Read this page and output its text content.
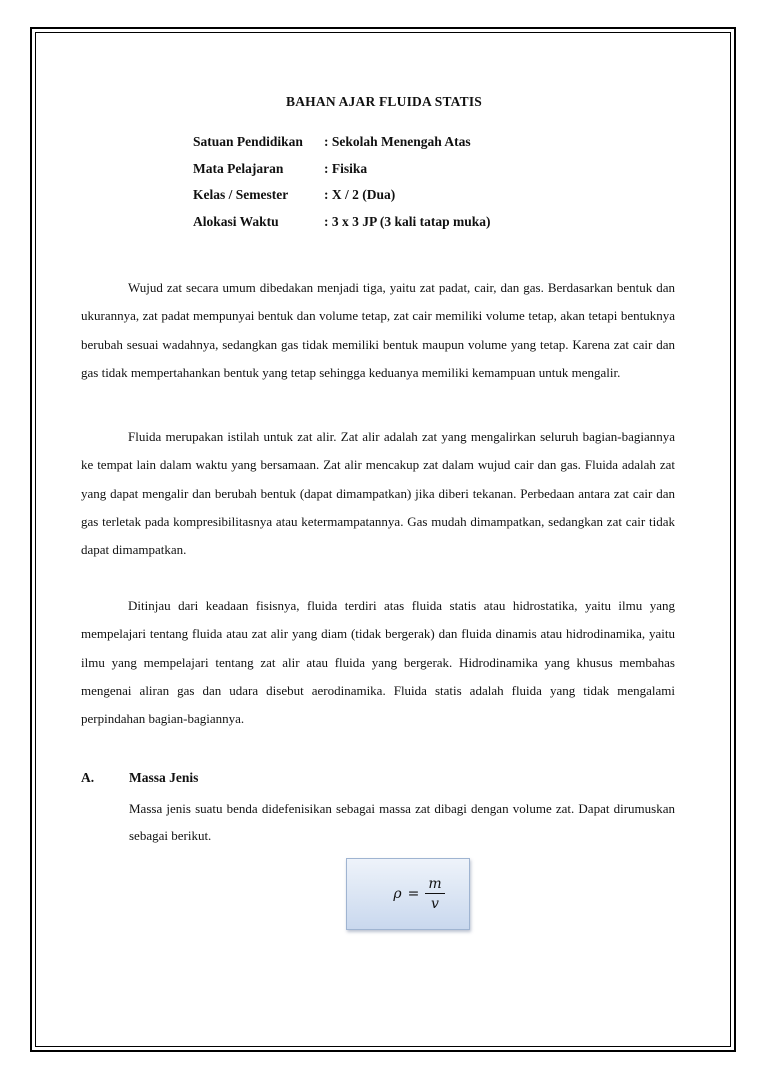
BAHAN AJAR FLUIDA STATIS
Satuan Pendidikan	: Sekolah Menengah Atas
Mata Pelajaran	: Fisika
Kelas / Semester	: X / 2 (Dua)
Alokasi Waktu	: 3 x 3 JP (3 kali tatap muka)

Wujud zat secara umum dibedakan menjadi tiga, yaitu zat padat, cair, dan gas. Berdasarkan bentuk dan ukurannya, zat padat mempunyai bentuk dan volume tetap, zat cair memiliki volume tetap, akan tetapi bentuknya berubah sesuai wadahnya, sedangkan gas tidak memiliki bentuk maupun volume yang tetap. Karena zat cair dan gas tidak mempertahankan bentuk yang tetap sehingga keduanya memiliki kemampuan untuk mengalir.

Fluida merupakan istilah untuk zat alir. Zat alir adalah zat yang mengalirkan seluruh bagian-bagiannya ke tempat lain dalam waktu yang bersamaan. Zat alir mencakup zat dalam wujud cair dan gas. Fluida adalah zat yang dapat mengalir dan berubah bentuk (dapat dimampatkan) jika diberi tekanan. Perbedaan antara zat cair dan gas terletak pada kompresibilitasnya atau ketermampatannya. Gas mudah dimampatkan, sedangkan zat cair tidak dapat dimampatkan.

Ditinjau dari keadaan fisisnya, fluida terdiri atas fluida statis atau hidrostatika, yaitu ilmu yang mempelajari tentang fluida atau zat alir yang diam (tidak bergerak) dan fluida dinamis atau hidrodinamika, yaitu ilmu yang mempelajari tentang zat alir atau fluida yang bergerak. Hidrodinamika yang khusus membahas mengenai aliran gas dan udara disebut aerodinamika. Fluida statis adalah fluida yang tidak mengalami perpindahan bagian-bagiannya.

A.	Massa Jenis

Massa jenis suatu benda didefenisikan sebagai massa zat dibagi dengan volume zat. Dapat dirumuskan sebagai berikut.

$\rho = \frac{m}{v}$
